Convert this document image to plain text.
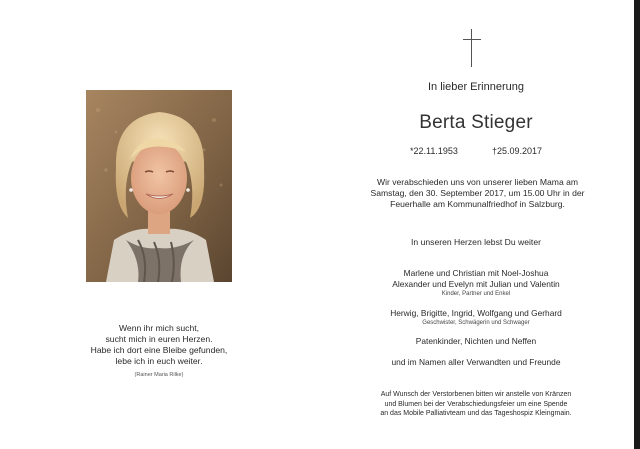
In lieber Erinnerung
Berta Stieger
*22.11.1953	†25.09.2017
Wir verabschieden uns von unserer lieben Mama am
Samstag, den 30. September 2017, um 15.00 Uhr in der
Feuerhalle am Kommunalfriedhof in Salzburg.
In unseren Herzen lebst Du weiter
Marlene und Christian mit Noel-Joshua
Alexander und Evelyn mit Julian und Valentin
Kinder, Partner und Enkel
Herwig, Brigitte, Ingrid, Wolfgang und Gerhard
Geschwister, Schwägerin und Schwager
Patenkinder, Nichten und Neffen
und im Namen aller Verwandten und Freunde
Wenn ihr mich sucht,
sucht mich in euren Herzen.
Habe ich dort eine Bleibe gefunden,
lebe ich in euch weiter.
(Rainer Maria Rilke)
Auf Wunsch der Verstorbenen bitten wir anstelle von Kränzen
und Blumen bei der Verabschiedungsfeier um eine Spende
an das Mobile Palliativteam und das Tageshospiz Kleingmain.
